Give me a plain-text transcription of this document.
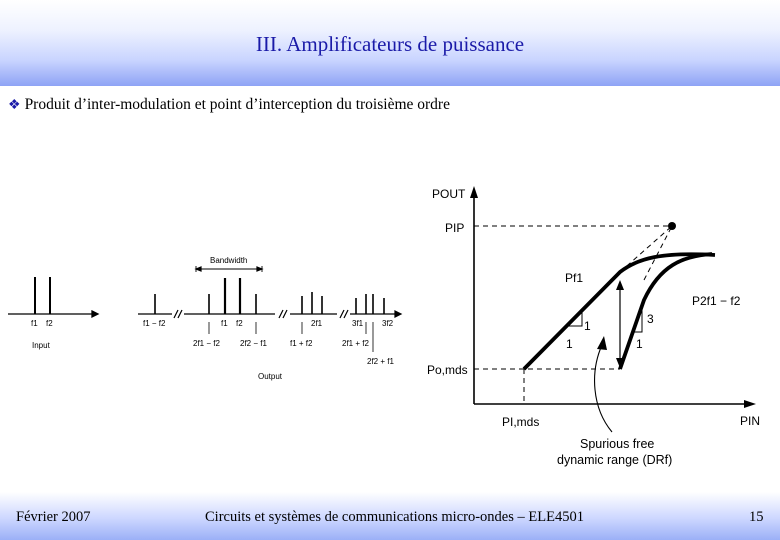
III. Amplificateurs de puissance
❖ Produit d’inter-modulation et point d’interception du troisième ordre
f1 f2
Input
Bandwidth
f1 − f2	f1 f2	2f1	3f1 3f2
2f1 − f2	2f2 − f1	f1 + f2	2f1 + f2
2f2 + f1
Output
POUT
PIP
Po,mds
PI,mds	PIN
Pf1
P2f1 − f2
1
1
1
3
Spurious free
dynamic range (DRf)
Février 2007	Circuits et systèmes de communications micro-ondes – ELE4501	15
